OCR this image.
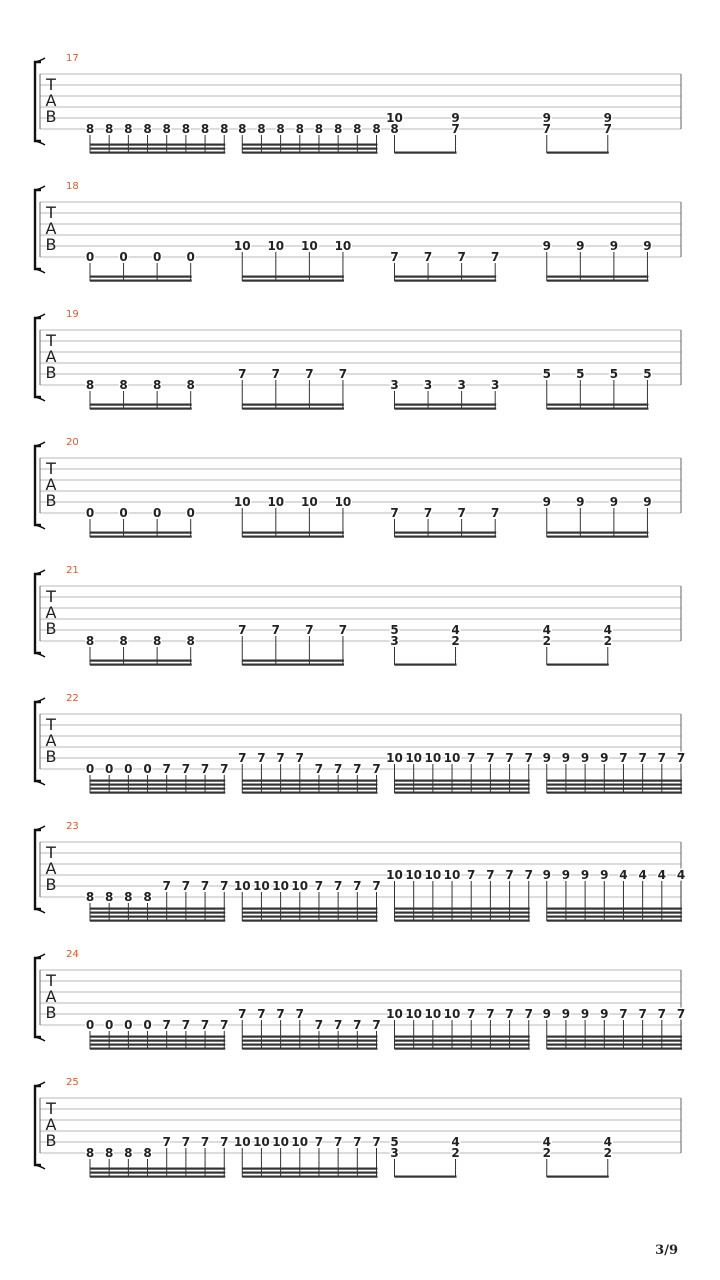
17
T
A
B
8 8 8 8 8 8 8 8 8 8 8 8 8 8 8 8
10
8
9
7
9
7
9
7
18
T
A
B
0 0 0 0
10 10 10 10
7 7 7 7
9 9 9 9
19
T
A
B
8 8 8 8
7 7 7 7
3 3 3 3
5 5 5 5
20
T
A
B
0 0 0 0
10 10 10 10
7 7 7 7
9 9 9 9
21
T
A
B
8 8 8 8
7 7 7 7	5
3
4
2
4
2
4
2
22
T
A
B
0 0 0 0 7 7 7 7
7 7 7 7
7 7 7 7
10 10 10 10 7 7 7 7 9 9 9 9 7 7 7 7
23
T
A
B
8 8 8 8
7 7 7 7 10 10 10 10 7 7 7 7
10 10 10 10 7 7 7 7 9 9 9 9 4 4 4 4
24
T
A
B
0 0 0 0 7 7 7 7
7 7 7 7
7 7 7 7
10 10 10 10 7 7 7 7 9 9 9 9 7 7 7 7
25
T
A
B
8 8 8 8
7 7 7 7 10 10 10 10 7 7 7 7 5
3
4
2
4
2
4
2
3/9
